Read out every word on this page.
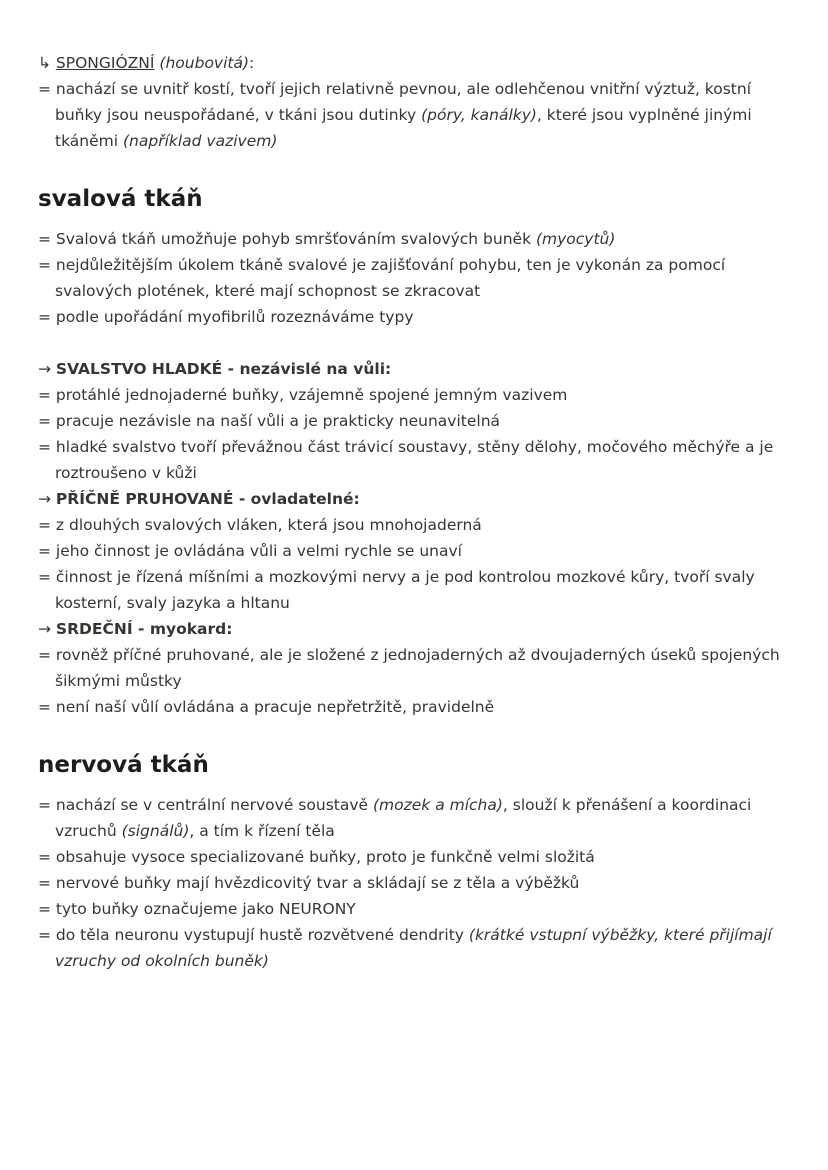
↳ SPONGIÓZNÍ (houbovitá):
= nachází se uvnitř kostí, tvoří jejich relativně pevnou, ale odlehčenou vnitřní výztuž, kostní buňky jsou neuspořádané, v tkáni jsou dutinky (póry, kanálky), které jsou vyplněné jinými tkáněmi (například vazivem)
svalová tkáň
= Svalová tkáň umožňuje pohyb smršťováním svalových buněk (myocytů)
= nejdůležitějším úkolem tkáně svalové je zajišťování pohybu, ten je vykonán za pomocí svalových plotének, které mají schopnost se zkracovat
= podle upořádání myofibrilů rozeznáváme typy
→ SVALSTVO HLADKÉ - nezávislé na vůli:
= protáhlé jednojaderné buňky, vzájemně spojené jemným vazivem
= pracuje nezávisle na naší vůli a je prakticky neunavitelná
= hladké svalstvo tvoří převážnou část trávicí soustavy, stěny dělohy, močového měchýře a je roztroušeno v kůži
→ PŘÍČNĚ PRUHOVANÉ - ovladatelné:
= z dlouhých svalových vláken, která jsou mnohojaderná
= jeho činnost je ovládána vůli a velmi rychle se unaví
= činnost je řízená míšními a mozkovými nervy a je pod kontrolou mozkové kůry, tvoří svaly kosterní, svaly jazyka a hltanu
→ SRDEČNÍ - myokard:
= rovněž příčné pruhované, ale je složené z jednojaderných až dvoujaderných úseků spojených šikmými můstky
= není naší vůlí ovládána a pracuje nepřetržitě, pravidelně
nervová tkáň
= nachází se v centrální nervové soustavě (mozek a mícha), slouží k přenášení a koordinaci vzruchů (signálů), a tím k řízení těla
= obsahuje vysoce specializované buňky, proto je funkčně velmi složitá
= nervové buňky mají hvězdicovitý tvar a skládají se z těla a výběžků
= tyto buňky označujeme jako NEURONY
= do těla neuronu vystupují hustě rozvětvené dendrity (krátké vstupní výběžky, které přijímají vzruchy od okolních buněk)
